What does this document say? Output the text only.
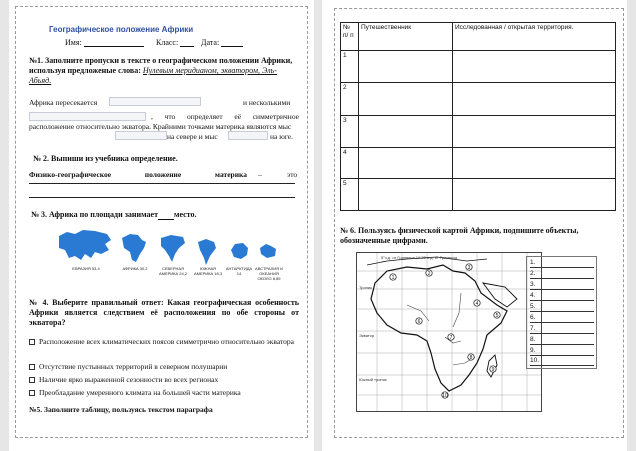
Географическое положение Африки
Имя:	Класс:	Дата:
№1. Заполните пропуски в тексте о географическом положении Африки, используя предложеные слова: Нулевым меридианом, экватором, Эль-Абьяд.
Африка пересекается	и несколькими
, что определяет её симметричное расположение относительно экватора. Крайними точками материка являются мыс
на севере и мыс	на юге.
№ 2. Выпиши из учебника определение.
Физико-географическое положение материка –	это
№ 3. Африка по площади занимает место.
ЕВРАЗИЯ 53,4	АФРИКА 30,2	СЕВЕРНАЯ АМЕРИКА 24,2
ЮЖНАЯ АМЕРИКА 18,3
АНТАРКТИДА 14
АВСТРАЛИЯ И ОКЕАНИЯ ОКОЛО 8,89
№ 4. Выберите правильный ответ: Какая географическая особенность Африки является следствием её расположения по обе стороны от экватора?
Расположение всех климатических поясов симметрично относительно экватора
Отсутствие пустынных территорий в северном полушарии
Наличие ярко выраженной сезонности во всех регионах
Преобладание умеренного климата на большей части материка
№5. Заполните таблицу, пользуясь текстом параграфа
№ п/ п	Путешественник	Исследованная / открытая территория.
1		
2		
3		
4		
5		
№ 6. Пользуясь физической картой Африки, подпишите объекты, обозначенные цифрами.
5°з.д. от Гринвича 10 20 в.д. от Гринвича
1
2
3
4
5
6
7
8
9
10
Тропик
Экватор
Южный тропик
1.
2.
3.
4.
5.
6.
7.
8.
9.
10.
